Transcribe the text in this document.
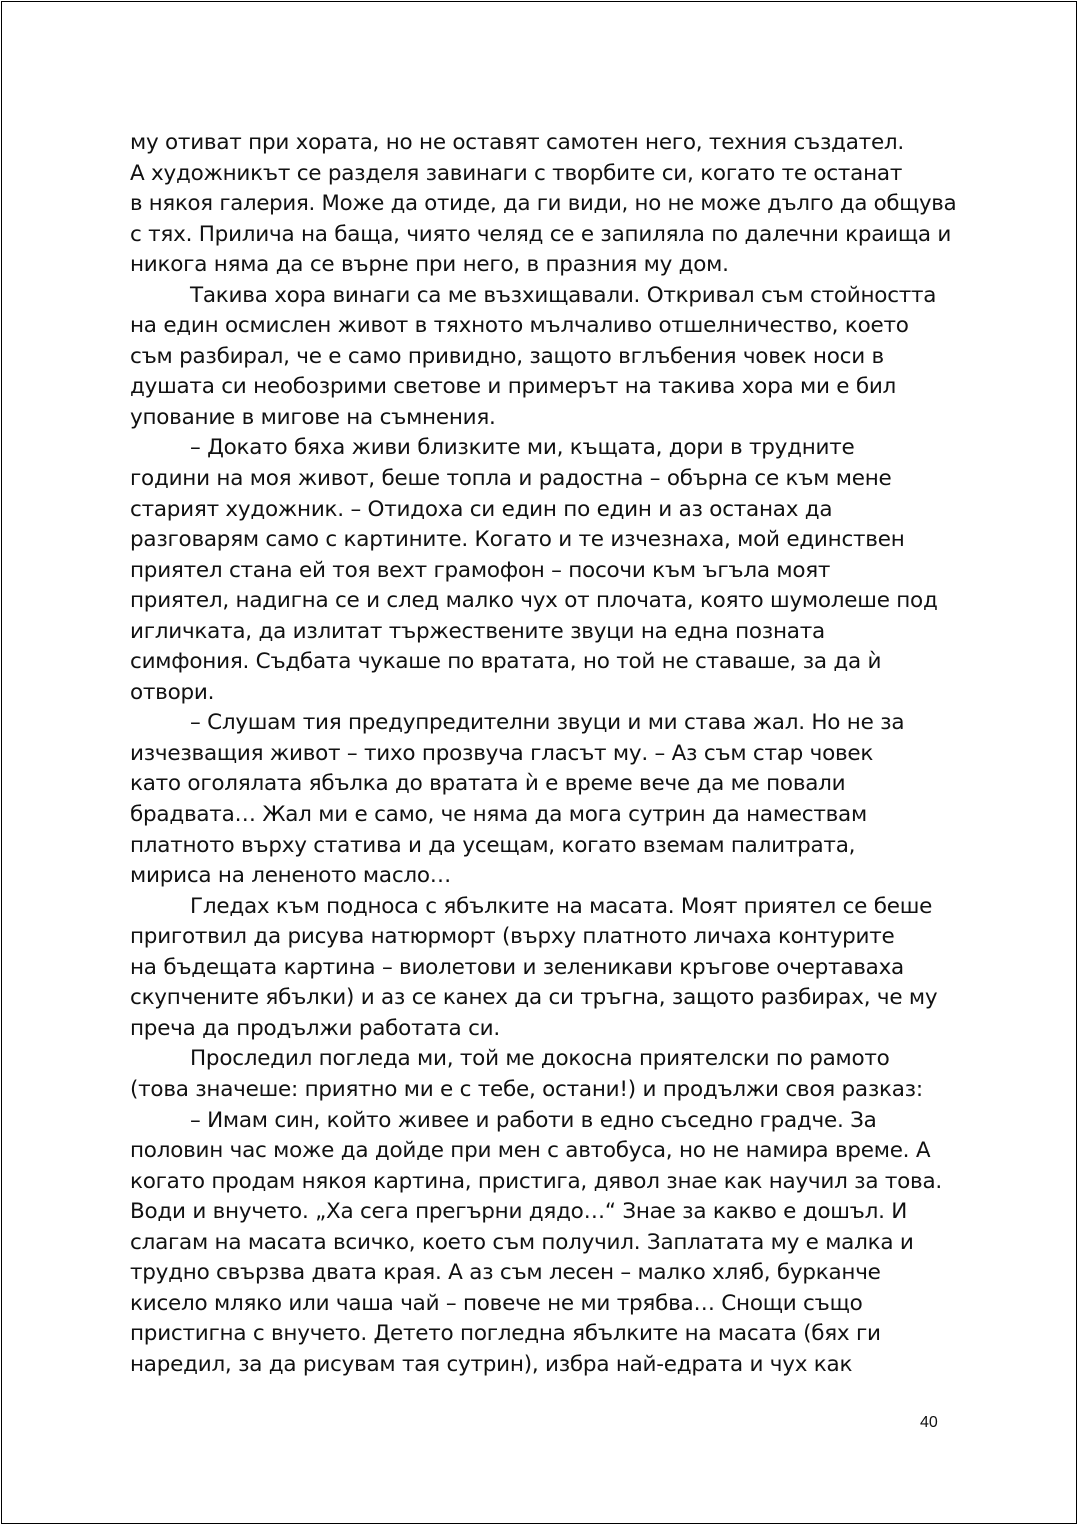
му отиват при хората, но не оставят самотен него, техния създател.
А художникът се разделя завинаги с творбите си, когато те останат
в някоя галерия. Може да отиде, да ги види, но не може дълго да общува
с тях. Прилича на баща, чиято челяд се е запиляла по далечни краища и
никога няма да се върне при него, в празния му дом.
Такива хора винаги са ме възхищавали. Откривал съм стойността
на един осмислен живот в тяхното мълчаливо отшелничество, което
съм разбирал, че е само привидно, защото вглъбения човек носи в
душата си необозрими светове и примерът на такива хора ми е бил
упование в мигове на съмнения.
– Докато бяха живи близките ми, къщата, дори в трудните
години на моя живот, беше топла и радостна – обърна се към мене
старият художник. – Отидоха си един по един и аз останах да
разговарям само с картините. Когато и те изчезнаха, мой единствен
приятел стана ей тоя вехт грамофон – посочи към ъгъла моят
приятел, надигна се и след малко чух от плочата, която шумолеше под
игличката, да излитат тържествените звуци на една позната
симфония. Съдбата чукаше по вратата, но той не ставаше, за да ѝ
отвори.
– Слушам тия предупредителни звуци и ми става жал. Но не за
изчезващия живот – тихо прозвуча гласът му. – Аз съм стар човек
като оголялата ябълка до вратата ѝ е време вече да ме повали
брадвата… Жал ми е само, че няма да мога сутрин да намествам
платното върху статива и да усещам, когато вземам палитрата,
мириса на лененото масло…
Гледах към подноса с ябълките на масата. Моят приятел се беше
приготвил да рисува натюрморт (върху платното личаха контурите
на бъдещата картина – виолетови и зеленикави кръгове очертаваха
скупчените ябълки) и аз се канех да си тръгна, защото разбирах, че му
преча да продължи работата си.
Проследил погледа ми, той ме докосна приятелски по рамото
(това значеше: приятно ми е с тебе, остани!) и продължи своя разказ:
– Имам син, който живее и работи в едно съседно градче. За
половин час може да дойде при мен с автобуса, но не намира време. А
когато продам някоя картина, пристига, дявол знае как научил за това.
Води и внучето. „Ха сега прегърни дядо…“ Знае за какво е дошъл. И
слагам на масата всичко, което съм получил. Заплатата му е малка и
трудно свързва двата края. А аз съм лесен – малко хляб, бурканче
кисело мляко или чаша чай – повече не ми трябва… Снощи също
пристигна с внучето. Детето погледна ябълките на масата (бях ги
наредил, за да рисувам тая сутрин), избра най-едрата и чух как
40
